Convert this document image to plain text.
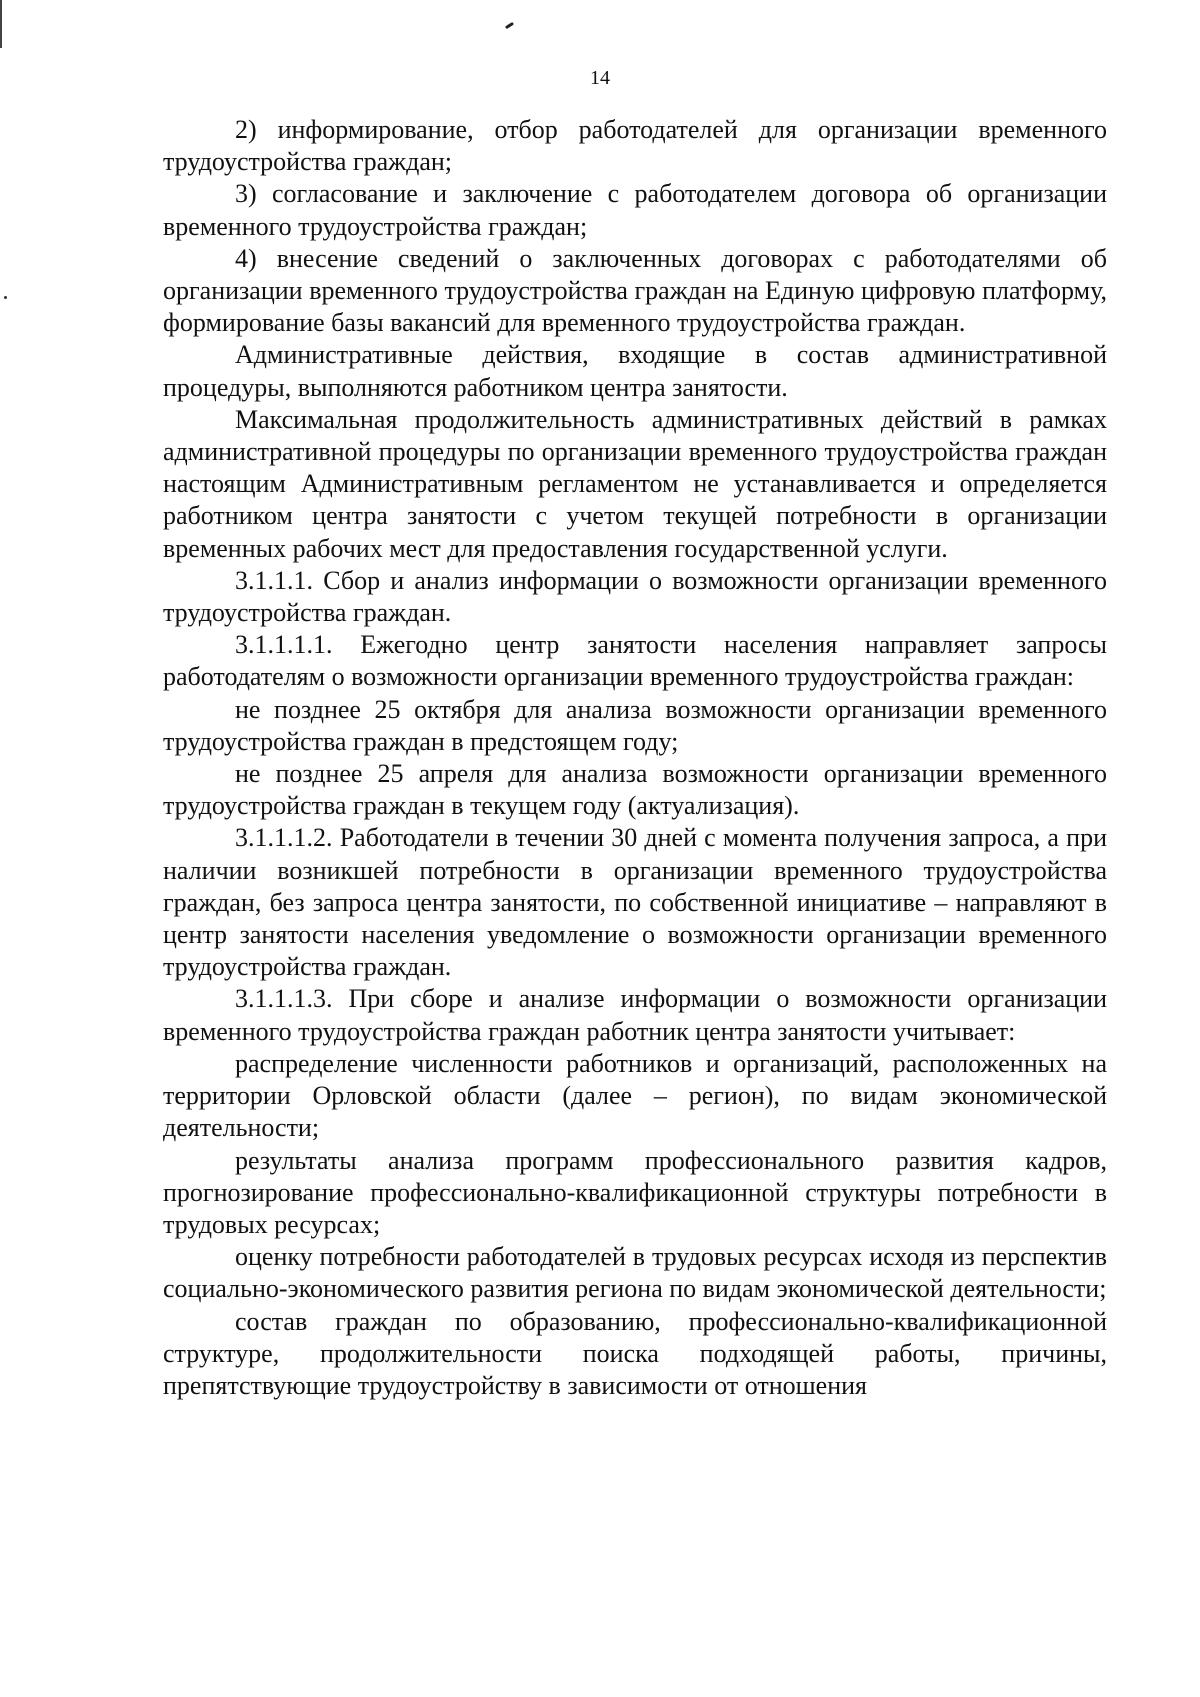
14

2) информирование, отбор работодателей для организации временного трудоустройства граждан;

3) согласование и заключение с работодателем договора об организации временного трудоустройства граждан;

4) внесение сведений о заключенных договорах с работодателями об организации временного трудоустройства граждан на Единую цифровую платформу, формирование базы вакансий для временного трудоустройства граждан.

Административные действия, входящие в состав административной процедуры, выполняются работником центра занятости.

Максимальная продолжительность административных действий в рамках административной процедуры по организации временного трудоустройства граждан настоящим Административным регламентом не устанавливается и определяется работником центра занятости с учетом текущей потребности в организации временных рабочих мест для предоставления государственной услуги.

3.1.1.1. Сбор и анализ информации о возможности организации временного трудоустройства граждан.

3.1.1.1.1. Ежегодно центр занятости населения направляет запросы работодателям о возможности организации временного трудоустройства граждан:

не позднее 25 октября для анализа возможности организации временного трудоустройства граждан в предстоящем году;

не позднее 25 апреля для анализа возможности организации временного трудоустройства граждан в текущем году (актуализация).

3.1.1.1.2. Работодатели в течении 30 дней с момента получения запроса, а при наличии возникшей потребности в организации временного трудоустройства граждан, без запроса центра занятости, по собственной инициативе – направляют в центр занятости населения уведомление о возможности организации временного трудоустройства граждан.

3.1.1.1.3. При сборе и анализе информации о возможности организации временного трудоустройства граждан работник центра занятости учитывает:

распределение численности работников и организаций, расположенных на территории Орловской области (далее – регион), по видам экономической деятельности;

результаты анализа программ профессионального развития кадров, прогнозирование профессионально-квалификационной структуры потребности в трудовых ресурсах;

оценку потребности работодателей в трудовых ресурсах исходя из перспектив социально-экономического развития региона по видам экономической деятельности;

состав граждан по образованию, профессионально-квалификационной структуре, продолжительности поиска подходящей работы, причины, препятствующие трудоустройству в зависимости от отношения
